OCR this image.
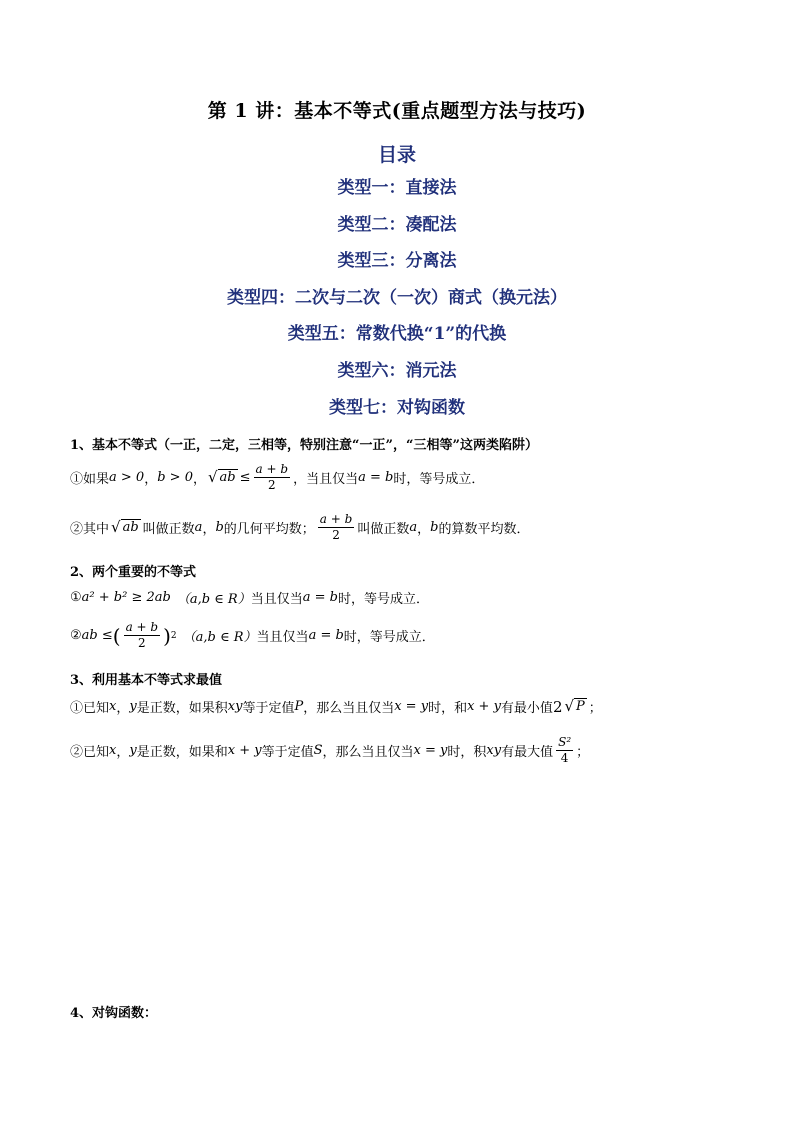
第 1 讲：基本不等式(重点题型方法与技巧)
目录
类型一：直接法
类型二：凑配法
类型三：分离法
类型四：二次与二次（一次）商式（换元法）
类型五：常数代换“1”的代换
类型六：消元法
类型七：对钩函数
1、基本不等式（一正，二定，三相等，特别注意“一正”，“三相等”这两类陷阱）
①如果 a > 0 ， b > 0 ， √ ab ≤ $\frac{a + b}{2}$ ，当且仅当 a = b 时，等号成立．
②其中 √ ab 叫做正数 a ， b 的几何平均数； $\frac{a + b}{2}$ 叫做正数 a ， b 的算数平均数．
2、两个重要的不等式
① a² + b² ≥ 2ab （a,b ∈ R） 当且仅当 a = b 时，等号成立．
② ab ≤ ( $\frac{a + b}{2}$ ) 2 （a,b ∈ R） 当且仅当 a = b 时，等号成立．
3、利用基本不等式求最值
①已知 x ， y 是正数，如果积 xy 等于定值 P ，那么当且仅当 x = y 时，和 x + y 有最小值 2 √ P ；
②已知 x ， y 是正数，如果和 x + y 等于定值 S ，那么当且仅当 x = y 时，积 xy 有最大值 $\frac{\text{S²}}{4}$ ；
4、对钩函数：
